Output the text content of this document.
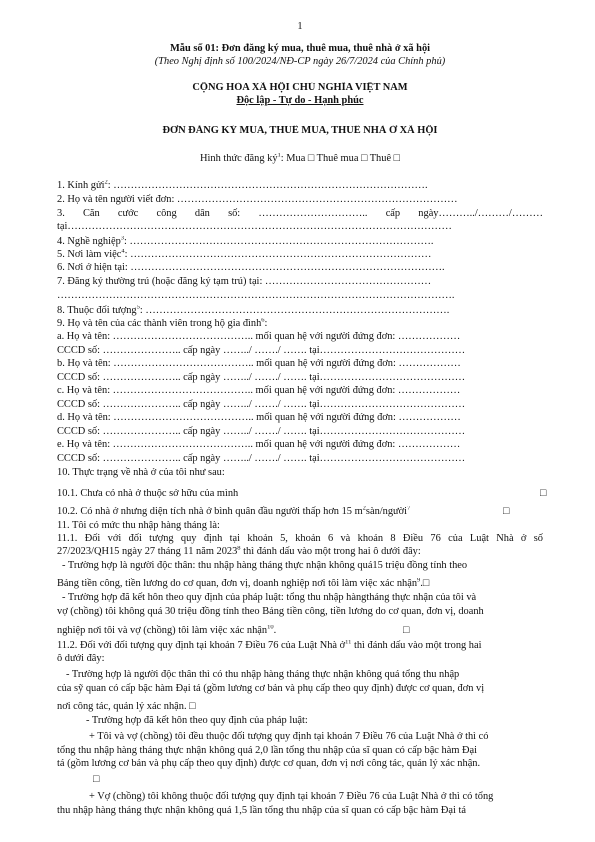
1
Mẫu số 01: Đơn đăng ký mua, thuê mua, thuê nhà ở xã hội
(Theo Nghị định số 100/2024/NĐ-CP ngày 26/7/2024 của Chính phủ)
CỘNG HÒA XÃ HỘI CHỦ NGHĨA VIỆT NAM
Độc lập - Tự do - Hạnh phúc
ĐƠN ĐĂNG KÝ MUA, THUÊ MUA, THUÊ NHÀ Ở XÃ HỘI
Hình thức đăng $ký^1$: Mua □ Thuê mua □ Thuê □
1. Kính gửi$^2$: ……………………………………………………………………………….
2. Họ và tên người viết đơn: ………………………………………………………………………
3. Căn cước công dân số: ………………………….. cấp ngày………../………/………
tại…………………………………………………………………………………………………
4. Nghề nghiệp$^3$: …………………………………………………………………………….
5. Nơi làm việc$^4$: ……………………………………………………………………………
6. Nơi ở hiện tại: ……………………………………………………………………………….
7. Đăng ký thường trú (hoặc đăng ký tạm trú) tại: …………………………………………
…………………………………………………………………………………………………….
8. Thuộc đối tượng$^5$: …………………………………………………………………………….
9. Họ và tên của các thành viên trong hộ gia đình$^6$:
a. Họ và tên: ………………………………….. mối quan hệ với người đứng đơn: ………………
CCCD số: ………………….. cấp ngày ……../ ……./ ……. tại……………………………………
b. Họ và tên: ………………………………….. mối quan hệ với người đứng đơn: ………………
CCCD số: ………………….. cấp ngày ……../ ……./ ……. tại……………………………………
c. Họ và tên: ………………………………….. mối quan hệ với người đứng đơn: ………………
CCCD số: ………………….. cấp ngày ……../ ……./ ……. tại……………………………………
d. Họ và tên: ………………………………….. mối quan hệ với người đứng đơn: ………………
CCCD số: ………………….. cấp ngày ……../ ……./ ……. tại……………………………………
e. Họ và tên: ………………………………….. mối quan hệ với người đứng đơn: ………………
CCCD số: ………………….. cấp ngày ……../ ……./ ……. tại……………………………………
10. Thực trạng về nhà ở của tôi như sau:
10.1. Chưa có nhà ở thuộc sở hữu của mình	□
10.2. Có nhà ở nhưng diện tích nhà ở bình quân đầu người thấp hơn 15 $m^2sàn/người^7$	□
11. Tôi có mức thu nhập hàng tháng là:
11.1. Đối với đối tượng quy định tại khoản 5, khoản 6 và khoản 8 Điều 76 của Luật Nhà ở số
27/2023/QH15 ngày 27 tháng 11 năm 2023$^8$ thì đánh dấu vào một trong hai ô dưới đây:
- Trường hợp là người độc thân: thu nhập hàng tháng thực nhận không quá15 triệu đồng tính theo
Bảng tiền công, tiền lương do cơ quan, đơn vị, doanh nghiệp nơi tôi làm việc xác nhận$^9$.□
- Trường hợp đã kết hôn theo quy định của pháp luật: tổng thu nhập hàngtháng thực nhận của tôi và
vợ (chồng) tôi không quá 30 triệu đồng tính theo Bảng tiền công, tiền lương do cơ quan, đơn vị, doanh
nghiệp nơi tôi và vợ (chồng) tôi làm việc xác nhận$^{10}$.	□
11.2. Đối với đối tượng quy định tại khoản 7 Điều 76 của Luật Nhà ở$^{11}$ thì đánh dấu vào một trong hai
ô dưới đây:
- Trường hợp là người độc thân thì có thu nhập hàng tháng thực nhận không quá tổng thu nhập
của sỹ quan có cấp bậc hàm Đại tá (gồm lương cơ bản và phụ cấp theo quy định) được cơ quan, đơn vị
nơi công tác, quản lý xác nhận. □
- Trường hợp đã kết hôn theo quy định của pháp luật:
+ Tôi và vợ (chồng) tôi đều thuộc đối tượng quy định tại khoản 7 Điều 76 của Luật Nhà ở thì có
tổng thu nhập hàng tháng thực nhận không quá 2,0 lần tổng thu nhập của sĩ quan có cấp bậc hàm Đại
tá (gồm lương cơ bản và phụ cấp theo quy định) được cơ quan, đơn vị nơi công tác, quản lý xác nhận.
□
+ Vợ (chồng) tôi không thuộc đối tượng quy định tại khoản 7 Điều 76 của Luật Nhà ở thì có tổng
thu nhập hàng tháng thực nhận không quá 1,5 lần tổng thu nhập của sĩ quan có cấp bậc hàm Đại tá
